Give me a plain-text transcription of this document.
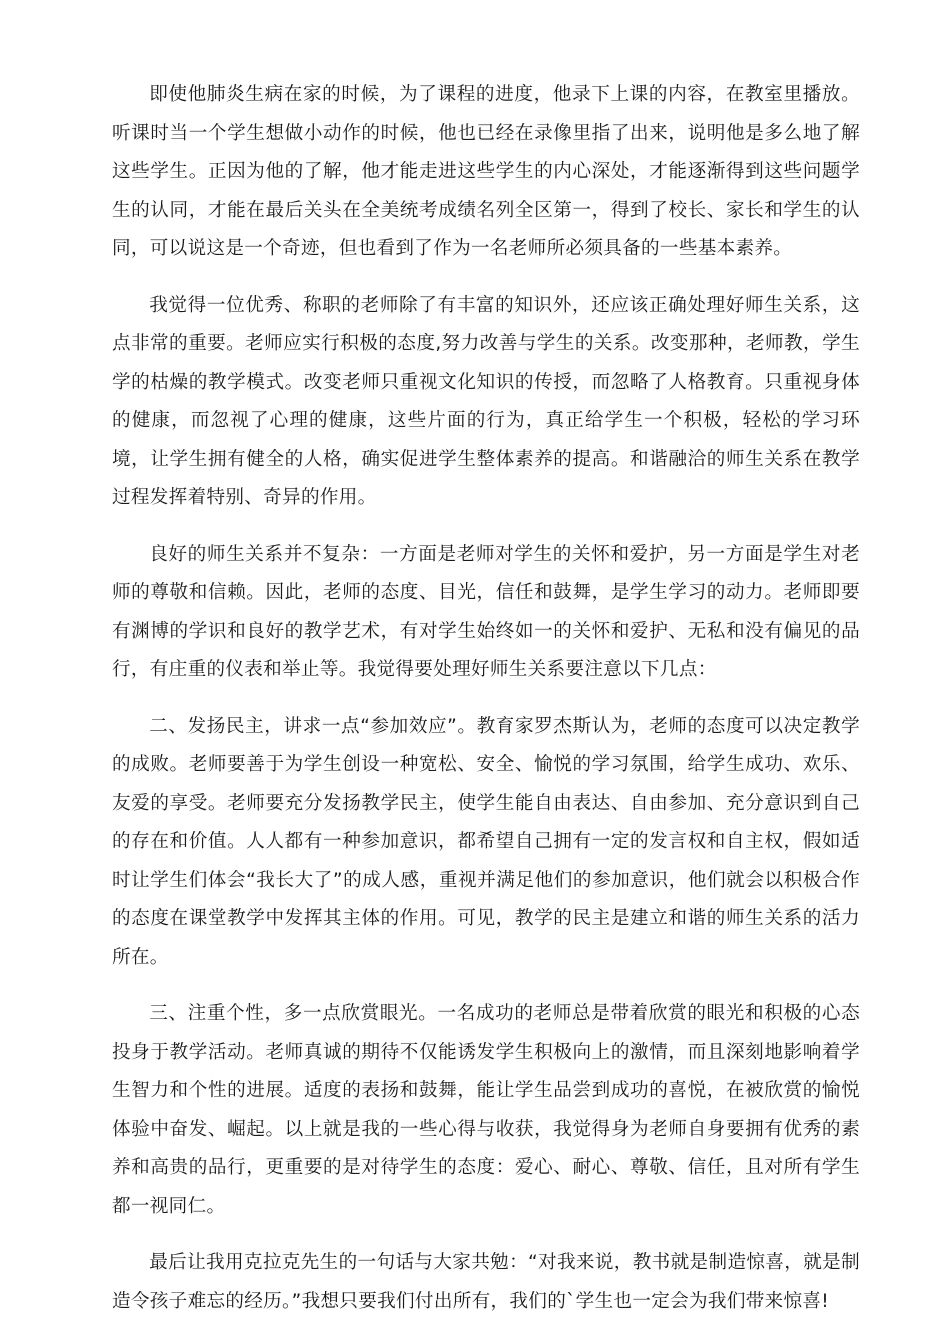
即使他肺炎生病在家的时候，为了课程的进度，他录下上课的内容，在教室里播放。听课时当一个学生想做小动作的时候，他也已经在录像里指了出来，说明他是多么地了解这些学生。正因为他的了解，他才能走进这些学生的内心深处，才能逐渐得到这些问题学生的认同，才能在最后关头在全美统考成绩名列全区第一，得到了校长、家长和学生的认同，可以说这是一个奇迹，但也看到了作为一名老师所必须具备的一些基本素养。

我觉得一位优秀、称职的老师除了有丰富的知识外，还应该正确处理好师生关系，这点非常的重要。老师应实行积极的态度,努力改善与学生的关系。改变那种，老师教，学生学的枯燥的教学模式。改变老师只重视文化知识的传授，而忽略了人格教育。只重视身体的健康，而忽视了心理的健康，这些片面的行为，真正给学生一个积极，轻松的学习环境，让学生拥有健全的人格，确实促进学生整体素养的提高。和谐融洽的师生关系在教学过程发挥着特别、奇异的作用。

良好的师生关系并不复杂：一方面是老师对学生的关怀和爱护，另一方面是学生对老师的尊敬和信赖。因此，老师的态度、目光，信任和鼓舞，是学生学习的动力。老师即要有渊博的学识和良好的教学艺术，有对学生始终如一的关怀和爱护、无私和没有偏见的品行，有庄重的仪表和举止等。我觉得要处理好师生关系要注意以下几点：

二、发扬民主，讲求一点“参加效应”。教育家罗杰斯认为，老师的态度可以决定教学的成败。老师要善于为学生创设一种宽松、安全、愉悦的学习氛围，给学生成功、欢乐、友爱的享受。老师要充分发扬教学民主，使学生能自由表达、自由参加、充分意识到自己的存在和价值。人人都有一种参加意识，都希望自己拥有一定的发言权和自主权，假如适时让学生们体会“我长大了”的成人感，重视并满足他们的参加意识，他们就会以积极合作的态度在课堂教学中发挥其主体的作用。可见，教学的民主是建立和谐的师生关系的活力所在。

三、注重个性，多一点欣赏眼光。一名成功的老师总是带着欣赏的眼光和积极的心态投身于教学活动。老师真诚的期待不仅能诱发学生积极向上的激情，而且深刻地影响着学生智力和个性的进展。适度的表扬和鼓舞，能让学生品尝到成功的喜悦，在被欣赏的愉悦体验中奋发、崛起。以上就是我的一些心得与收获，我觉得身为老师自身要拥有优秀的素养和高贵的品行，更重要的是对待学生的态度：爱心、耐心、尊敬、信任，且对所有学生都一视同仁。

最后让我用克拉克先生的一句话与大家共勉：“对我来说，教书就是制造惊喜，就是制造令孩子难忘的经历。”我想只要我们付出所有，我们的`学生也一定会为我们带来惊喜!
